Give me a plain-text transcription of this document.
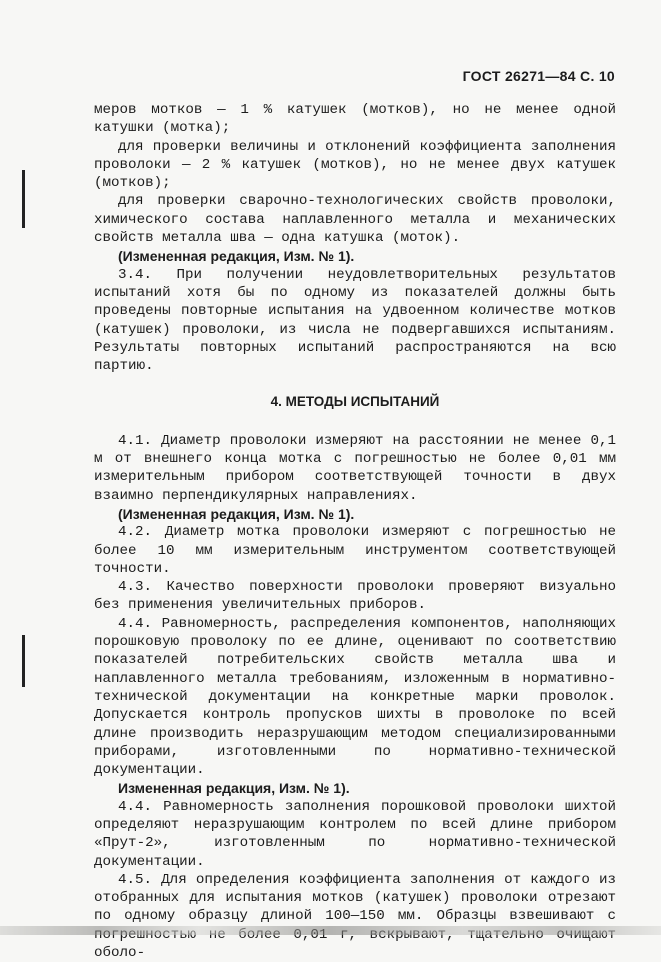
ГОСТ 26271—84 С. 10

меров мотков — 1 % катушек (мотков), но не менее одной катушки (мотка);

для проверки величины и отклонений коэффициента заполнения проволоки — 2 % катушек (мотков), но не менее двух катушек (мотков);

для проверки сварочно-технологических свойств проволоки, химического состава наплавленного металла и механических свойств металла шва — одна катушка (моток).

(Измененная редакция, Изм. № 1).

3.4. При получении неудовлетворительных результатов испытаний хотя бы по одному из показателей должны быть проведены повторные испытания на удвоенном количестве мотков (катушек) проволоки, из числа не подвергавшихся испытаниям. Результаты повторных испытаний распространяются на всю партию.

4. МЕТОДЫ ИСПЫТАНИЙ

4.1. Диаметр проволоки измеряют на расстоянии не менее 0,1 м от внешнего конца мотка с погрешностью не более 0,01 мм измерительным прибором соответствующей точности в двух взаимно перпендикулярных направлениях.

(Измененная редакция, Изм. № 1).

4.2. Диаметр мотка проволоки измеряют с погрешностью не более 10 мм измерительным инструментом соответствующей точности.

4.3. Качество поверхности проволоки проверяют визуально без применения увеличительных приборов.

4.4. Равномерность, распределения компонентов, наполняющих порошковую проволоку по ее длине, оценивают по соответствию показателей потребительских свойств металла шва и наплавленного металла требованиям, изложенным в нормативно-технической документации на конкретные марки проволок. Допускается контроль пропусков шихты в проволоке по всей длине производить неразрушающим методом специализированными приборами, изготовленными по нормативно-технической документации.

Измененная редакция, Изм. № 1).

4.4. Равномерность заполнения порошковой проволоки шихтой определяют неразрушающим контролем по всей длине прибором «Прут-2», изготовленным по нормативно-технической документации.

4.5. Для определения коэффициента заполнения от каждого из отобранных для испытания мотков (катушек) проволоки отрезают по одному образцу длиной 100—150 мм. Образцы взвешивают с оболо-
